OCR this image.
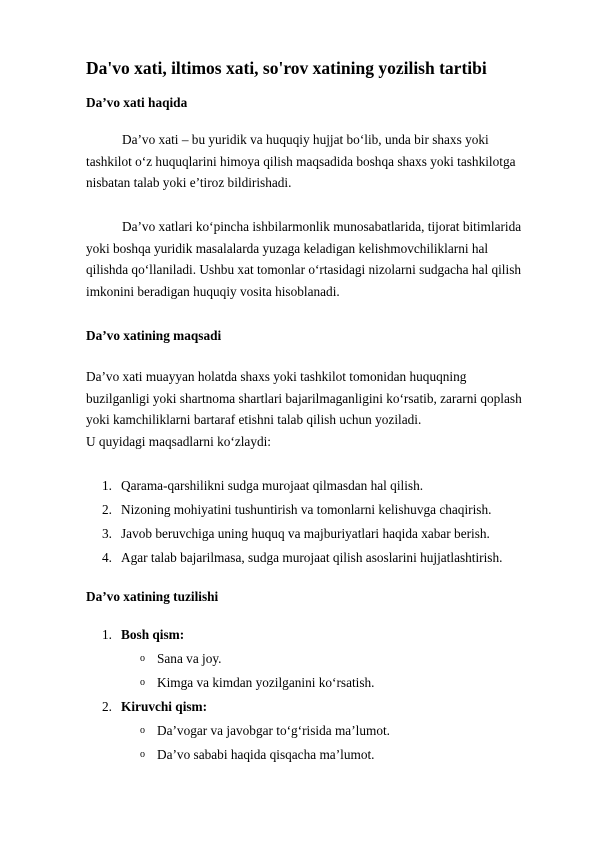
Da'vo xati, iltimos xati, so'rov xatining yozilish tartibi
Da’vo xati haqida

Da’vo xati – bu yuridik va huquqiy hujjat bo‘lib, unda bir shaxs yoki tashkilot o‘z huquqlarini himoya qilish maqsadida boshqa shaxs yoki tashkilotga nisbatan talab yoki e’tiroz bildirishadi.

Da’vo xatlari ko‘pincha ishbilarmonlik munosabatlarida, tijorat bitimlarida yoki boshqa yuridik masalalarda yuzaga keladigan kelishmovchiliklarni hal qilishda qo‘llaniladi. Ushbu xat tomonlar o‘rtasidagi nizolarni sudgacha hal qilish imkonini beradigan huquqiy vosita hisoblanadi.

Da’vo xatining maqsadi

Da’vo xati muayyan holatda shaxs yoki tashkilot tomonidan huquqning buzilganligi yoki shartnoma shartlari bajarilmaganligini ko‘rsatib, zararni qoplash yoki kamchiliklarni bartaraf etishni talab qilish uchun yoziladi.

U quyidagi maqsadlarni ko‘zlaydi:

1. Qarama-qarshilikni sudga murojaat qilmasdan hal qilish.
2. Nizoning mohiyatini tushuntirish va tomonlarni kelishuvga chaqirish.
3. Javob beruvchiga uning huquq va majburiyatlari haqida xabar berish.
4. Agar talab bajarilmasa, sudga murojaat qilish asoslarini hujjatlashtirish.
Da’vo xatining tuzilishi
1. Bosh qism:
o Sana va joy.
o Kimga va kimdan yozilganini ko‘rsatish.
2. Kiruvchi qism:
o Da’vogar va javobgar to‘g‘risida ma’lumot.
o Da’vo sababi haqida qisqacha ma’lumot.
